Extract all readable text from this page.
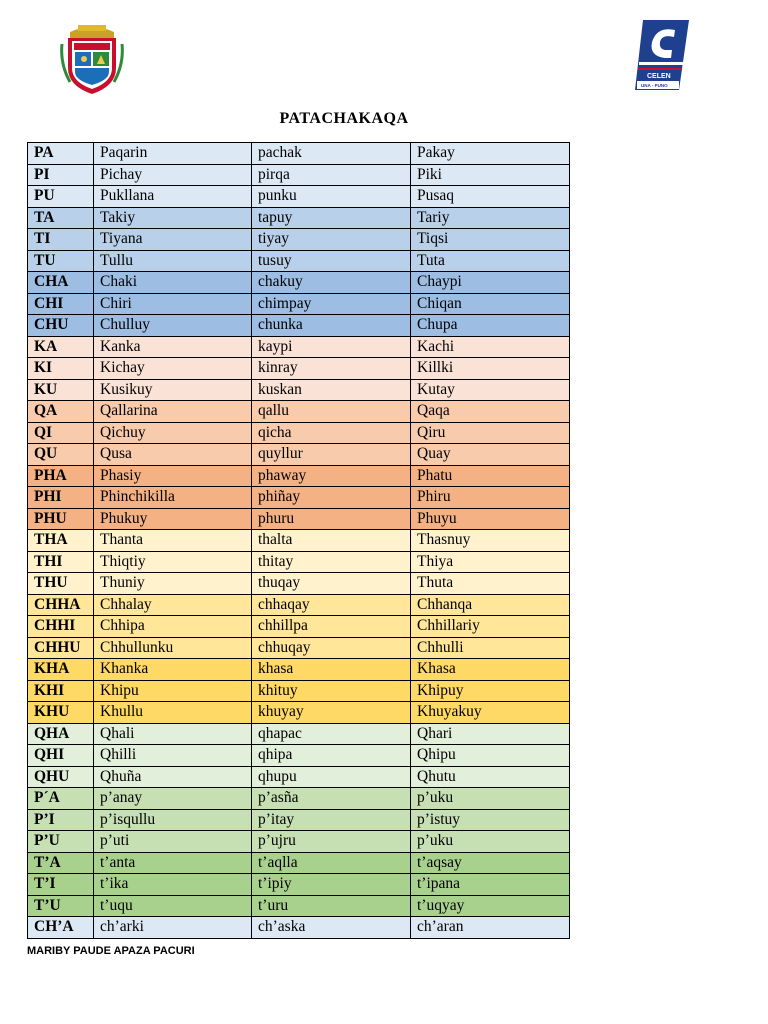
CELEN
UNA - PUNO
PATACHAKAQA
PA	Paqarin	pachak	Pakay
PI	Pichay	pirqa	Piki
PU	Pukllana	punku	Pusaq
TA	Takiy	tapuy	Tariy
TI	Tiyana	tiyay	Tiqsi
TU	Tullu	tusuy	Tuta
CHA	Chaki	chakuy	Chaypi
CHI	Chiri	chimpay	Chiqan
CHU	Chulluy	chunka	Chupa
KA	Kanka	kaypi	Kachi
KI	Kichay	kinray	Killki
KU	Kusikuy	kuskan	Kutay
QA	Qallarina	qallu	Qaqa
QI	Qichuy	qicha	Qiru
QU	Qusa	quyllur	Quay
PHA	Phasiy	phaway	Phatu
PHI	Phinchikilla	phiñay	Phiru
PHU	Phukuy	phuru	Phuyu
THA	Thanta	thalta	Thasnuy
THI	Thiqtiy	thitay	Thiya
THU	Thuniy	thuqay	Thuta
CHHA	Chhalay	chhaqay	Chhanqa
CHHI	Chhipa	chhillpa	Chhillariy
CHHU	Chhullunku	chhuqay	Chhulli
KHA	Khanka	khasa	Khasa
KHI	Khipu	khituy	Khipuy
KHU	Khullu	khuyay	Khuyakuy
QHA	Qhali	qhapac	Qhari
QHI	Qhilli	qhipa	Qhipu
QHU	Qhuña	qhupu	Qhutu
P´A	p’anay	p’asña	p’uku
P’I	p’isqullu	p’itay	p’istuy
P’U	p’uti	p’ujru	p’uku
T’A	t’anta	t’aqlla	t’aqsay
T’I	t’ika	t’ipiy	t’ipana
T’U	t’uqu	t’uru	t’uqyay
CH’A	ch’arki	ch’aska	ch’aran
MARIBY PAUDE APAZA PACURI
